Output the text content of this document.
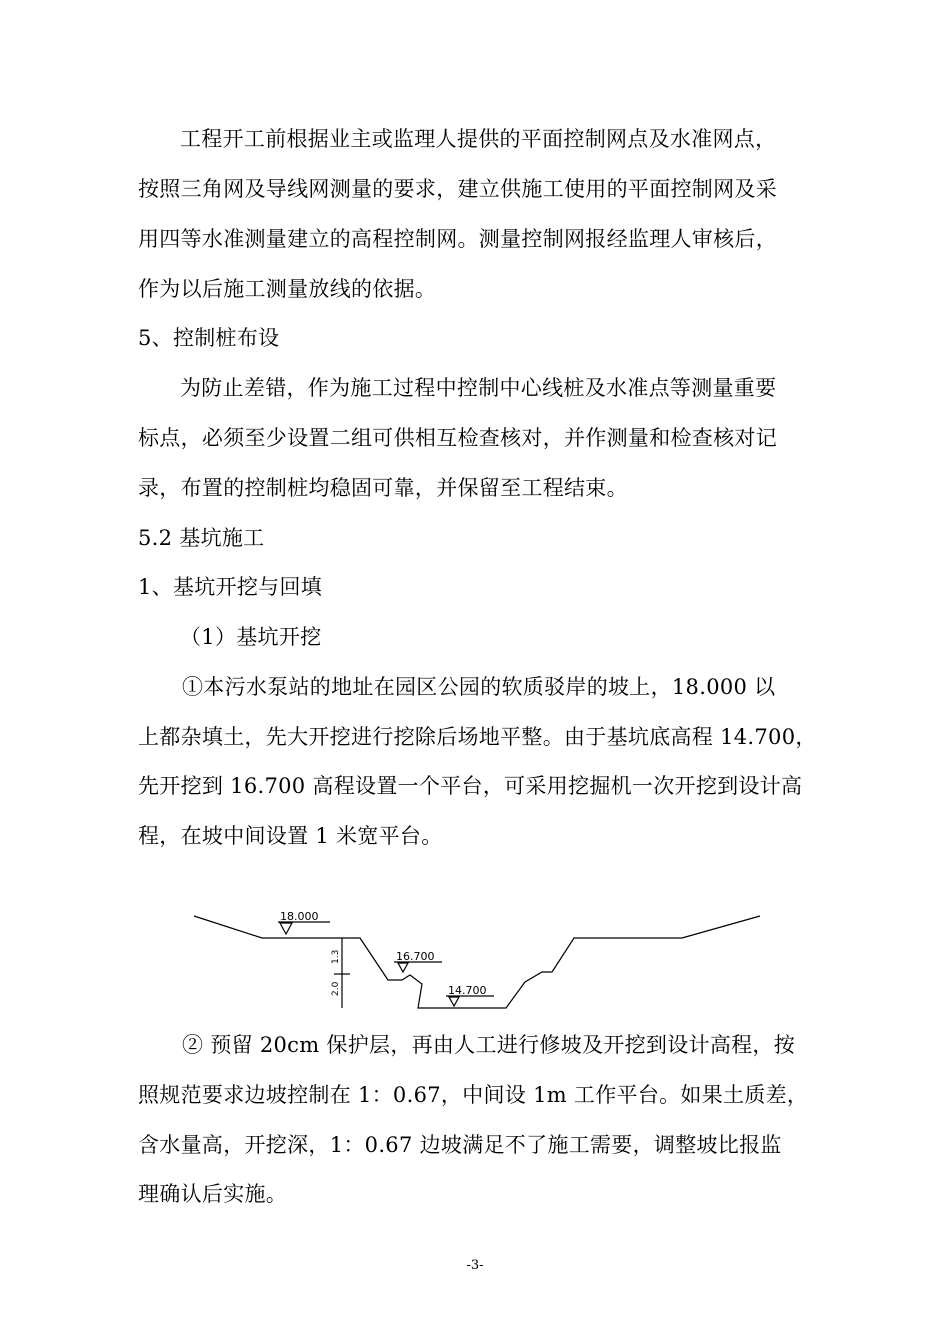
工程开工前根据业主或监理人提供的平面控制网点及水准网点，
按照三角网及导线网测量的要求，建立供施工使用的平面控制网及采
用四等水准测量建立的高程控制网。测量控制网报经监理人审核后，
作为以后施工测量放线的依据。
5、控制桩布设
为防止差错，作为施工过程中控制中心线桩及水准点等测量重要
标点，必须至少设置二组可供相互检查核对，并作测量和检查核对记
录，布置的控制桩均稳固可靠，并保留至工程结束。
5.2 基坑施工
1、基坑开挖与回填
（1）基坑开挖
①本污水泵站的地址在园区公园的软质驳岸的坡上，18.000 以
上都杂填土，先大开挖进行挖除后场地平整。由于基坑底高程 14.700，
先开挖到 16.700 高程设置一个平台，可采用挖掘机一次开挖到设计高
程，在坡中间设置 1 米宽平台。
18.000
16.700
14.700
1.3
2.0
② 预留 20cm 保护层，再由人工进行修坡及开挖到设计高程，按
照规范要求边坡控制在 1：0.67，中间设 1m 工作平台。如果土质差，
含水量高，开挖深，1：0.67 边坡满足不了施工需要，调整坡比报监
理确认后实施。
-3-
